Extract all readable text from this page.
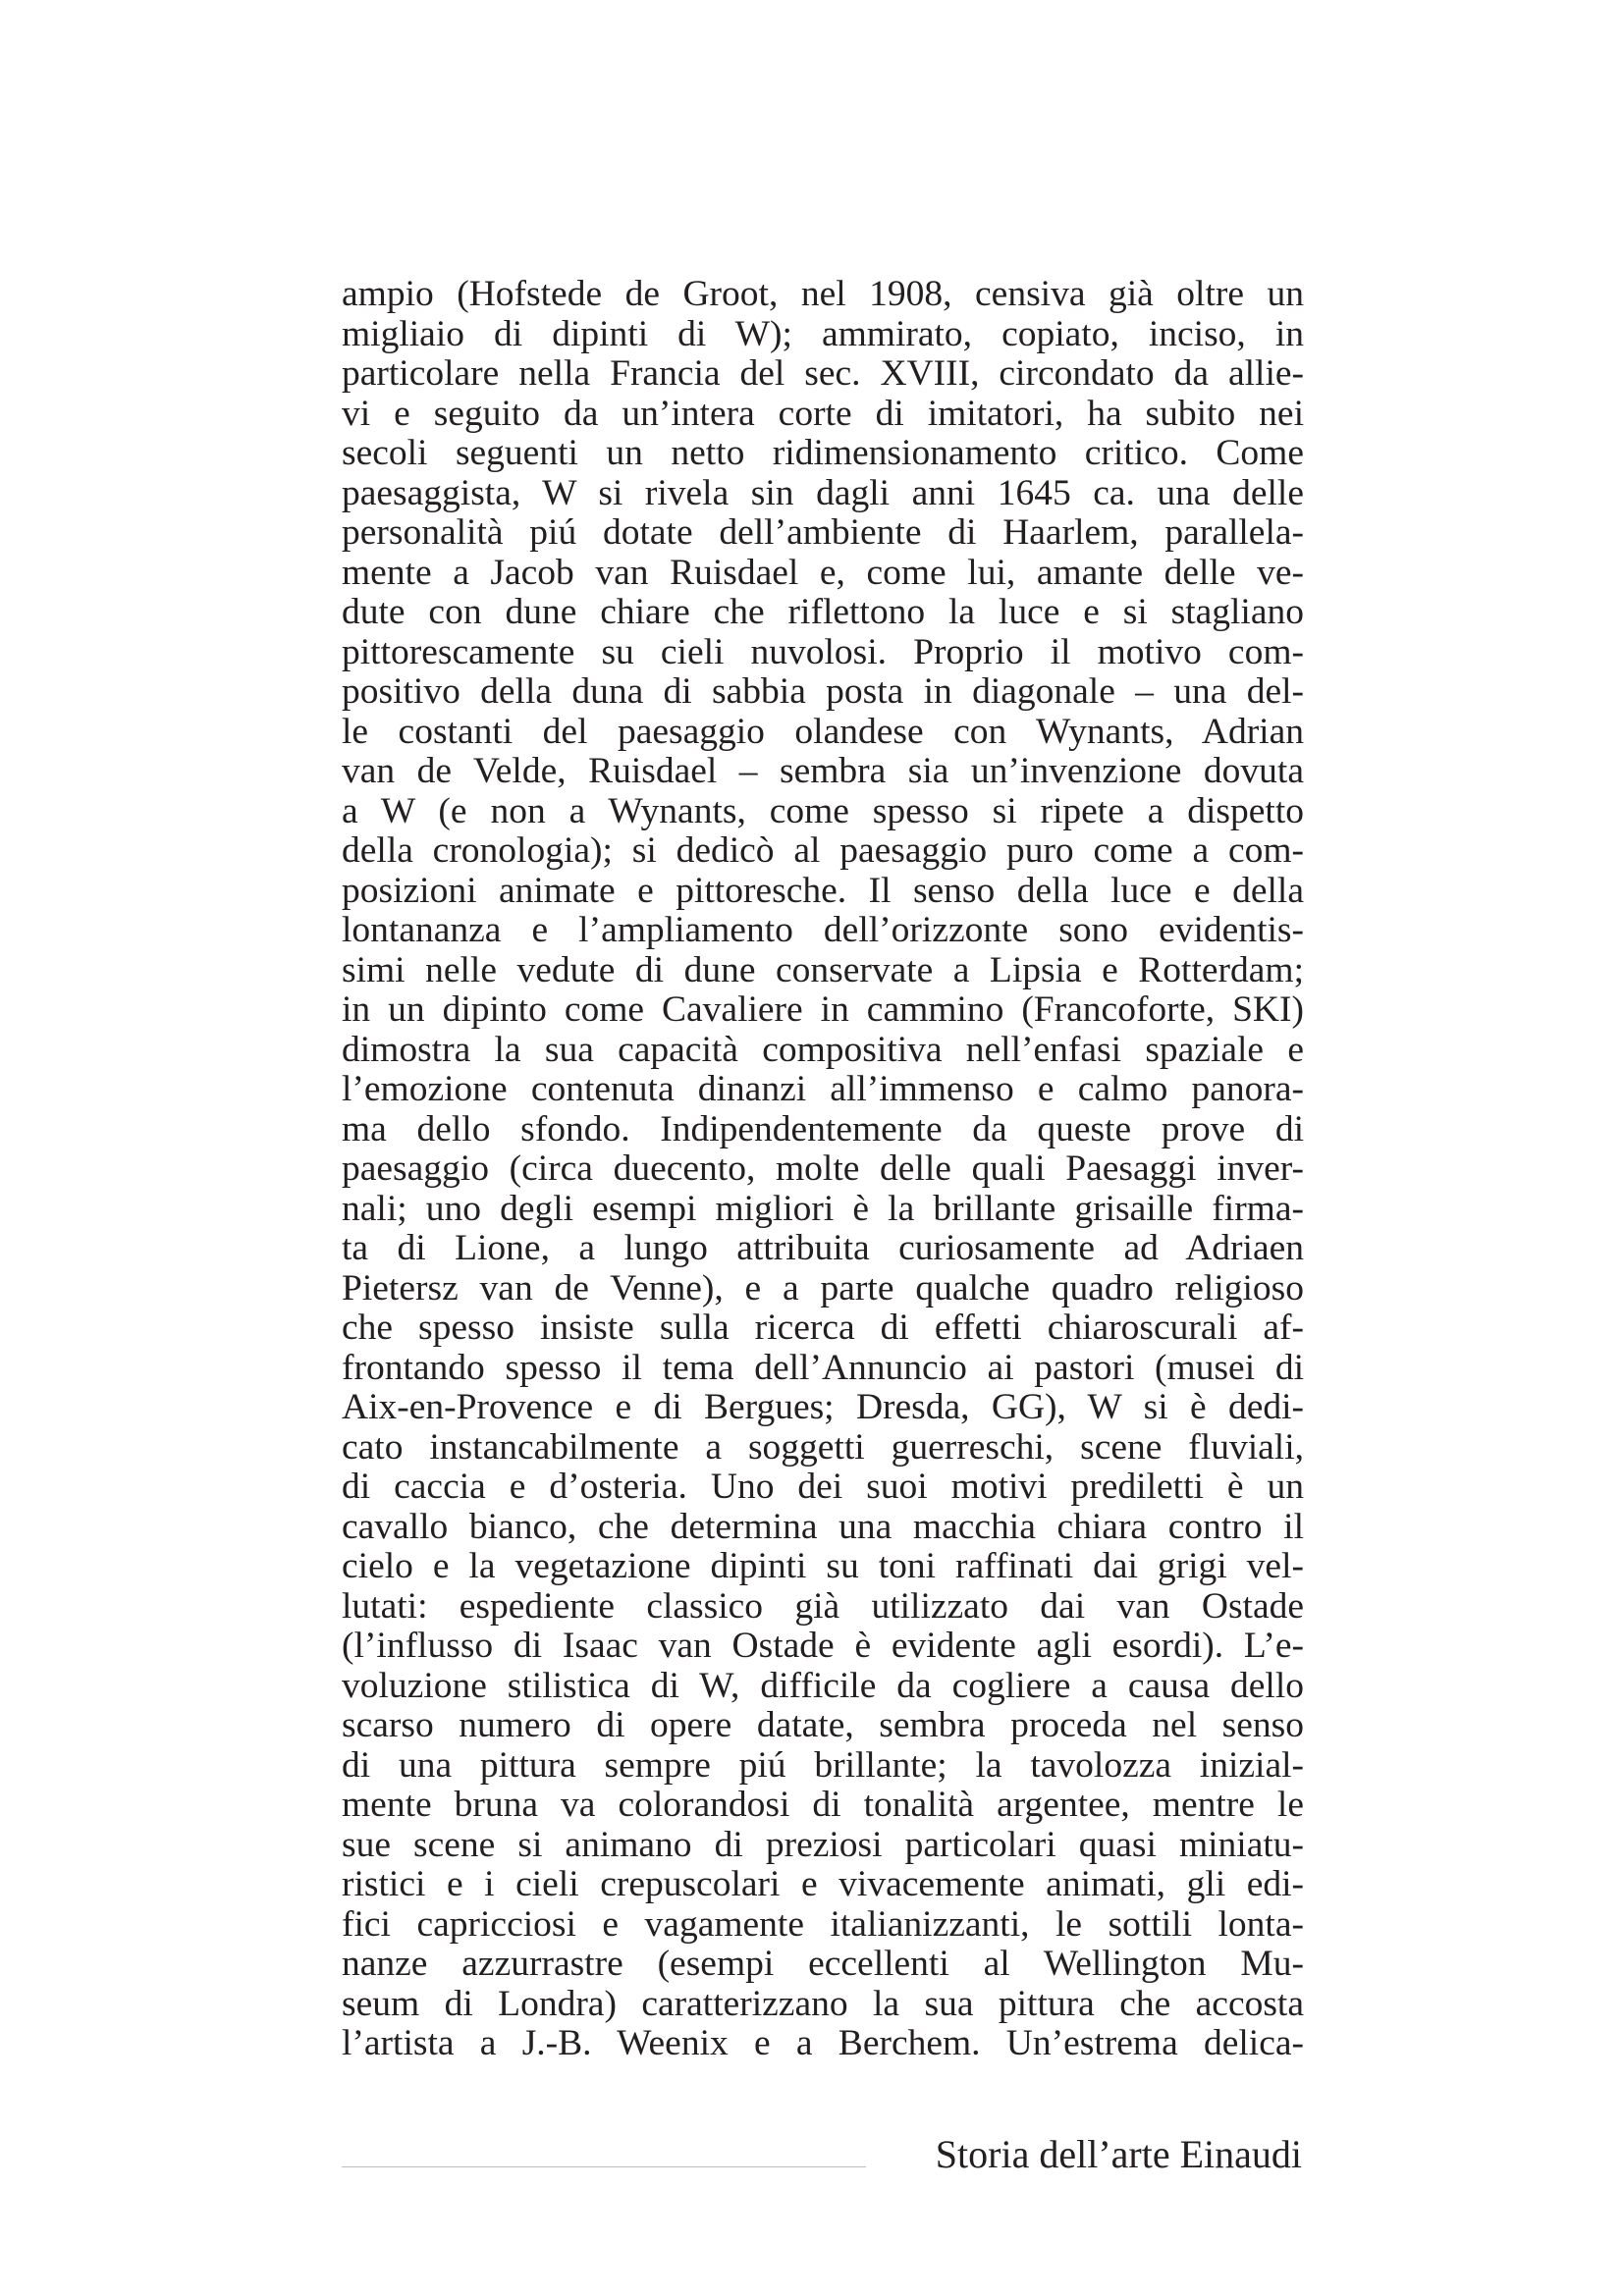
ampio (Hofstede de Groot, nel 1908, censiva già oltre un
migliaio di dipinti di W); ammirato, copiato, inciso, in
particolare nella Francia del sec. XVIII, circondato da allie-
vi e seguito da un’intera corte di imitatori, ha subito nei
secoli seguenti un netto ridimensionamento critico. Come
paesaggista, W si rivela sin dagli anni 1645 ca. una delle
personalità piú dotate dell’ambiente di Haarlem, parallela-
mente a Jacob van Ruisdael e, come lui, amante delle ve-
dute con dune chiare che riflettono la luce e si stagliano
pittorescamente su cieli nuvolosi. Proprio il motivo com-
positivo della duna di sabbia posta in diagonale – una del-
le costanti del paesaggio olandese con Wynants, Adrian
van de Velde, Ruisdael – sembra sia un’invenzione dovuta
a W (e non a Wynants, come spesso si ripete a dispetto
della cronologia); si dedicò al paesaggio puro come a com-
posizioni animate e pittoresche. Il senso della luce e della
lontananza e l’ampliamento dell’orizzonte sono evidentis-
simi nelle vedute di dune conservate a Lipsia e Rotterdam;
in un dipinto come Cavaliere in cammino (Francoforte, SKI)
dimostra la sua capacità compositiva nell’enfasi spaziale e
l’emozione contenuta dinanzi all’immenso e calmo panora-
ma dello sfondo. Indipendentemente da queste prove di
paesaggio (circa duecento, molte delle quali Paesaggi inver-
nali; uno degli esempi migliori è la brillante grisaille firma-
ta di Lione, a lungo attribuita curiosamente ad Adriaen
Pietersz van de Venne), e a parte qualche quadro religioso
che spesso insiste sulla ricerca di effetti chiaroscurali af-
frontando spesso il tema dell’Annuncio ai pastori (musei di
Aix-en-Provence e di Bergues; Dresda, GG), W si è dedi-
cato instancabilmente a soggetti guerreschi, scene fluviali,
di caccia e d’osteria. Uno dei suoi motivi prediletti è un
cavallo bianco, che determina una macchia chiara contro il
cielo e la vegetazione dipinti su toni raffinati dai grigi vel-
lutati: espediente classico già utilizzato dai van Ostade
(l’influsso di Isaac van Ostade è evidente agli esordi). L’e-
voluzione stilistica di W, difficile da cogliere a causa dello
scarso numero di opere datate, sembra proceda nel senso
di una pittura sempre piú brillante; la tavolozza inizial-
mente bruna va colorandosi di tonalità argentee, mentre le
sue scene si animano di preziosi particolari quasi miniatu-
ristici e i cieli crepuscolari e vivacemente animati, gli edi-
fici capricciosi e vagamente italianizzanti, le sottili lonta-
nanze azzurrastre (esempi eccellenti al Wellington Mu-
seum di Londra) caratterizzano la sua pittura che accosta
l’artista a J.-B. Weenix e a Berchem. Un’estrema delica-
Storia dell’arte Einaudi
